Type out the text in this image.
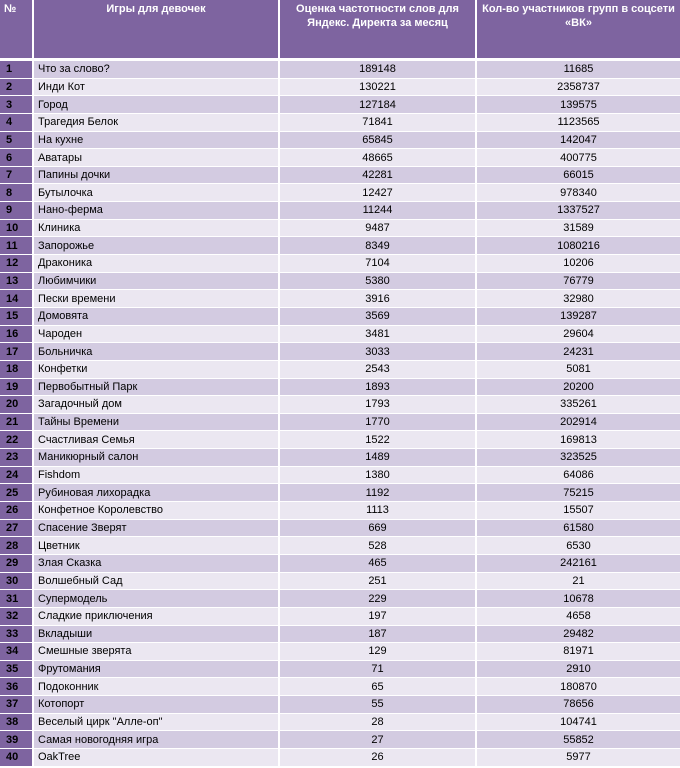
№	Игры для девочек	Оценка частотности слов для Яндекс. Директа за месяц	Кол-во участников групп в соцсети «ВК»
1	Что за слово?	189148	11685
2	Инди Кот	130221	2358737
3	Город	127184	139575
4	Трагедия Белок	71841	1123565
5	На кухне	65845	142047
6	Аватары	48665	400775
7	Папины дочки	42281	66015
8	Бутылочка	12427	978340
9	Нано-ферма	11244	1337527
10	Клиника	9487	31589
11	Запорожье	8349	1080216
12	Драконика	7104	10206
13	Любимчики	5380	76779
14	Пески времени	3916	32980
15	Домовята	3569	139287
16	Чароден	3481	29604
17	Больничка	3033	24231
18	Конфетки	2543	5081
19	Первобытный Парк	1893	20200
20	Загадочный дом	1793	335261
21	Тайны Времени	1770	202914
22	Счастливая Семья	1522	169813
23	Маникюрный салон	1489	323525
24	Fishdom	1380	64086
25	Рубиновая лихорадка	1192	75215
26	Конфетное Королевство	1113	15507
27	Спасение Зверят	669	61580
28	Цветник	528	6530
29	Злая Сказка	465	242161
30	Волшебный Сад	251	21
31	Супермодель	229	10678
32	Сладкие приключения	197	4658
33	Вкладыши	187	29482
34	Смешные зверята	129	81971
35	Фрутомания	71	2910
36	Подоконник	65	180870
37	Котопорт	55	78656
38	Веселый цирк "Алле-оп"	28	104741
39	Самая новогодняя игра	27	55852
40	OakTree	26	5977
